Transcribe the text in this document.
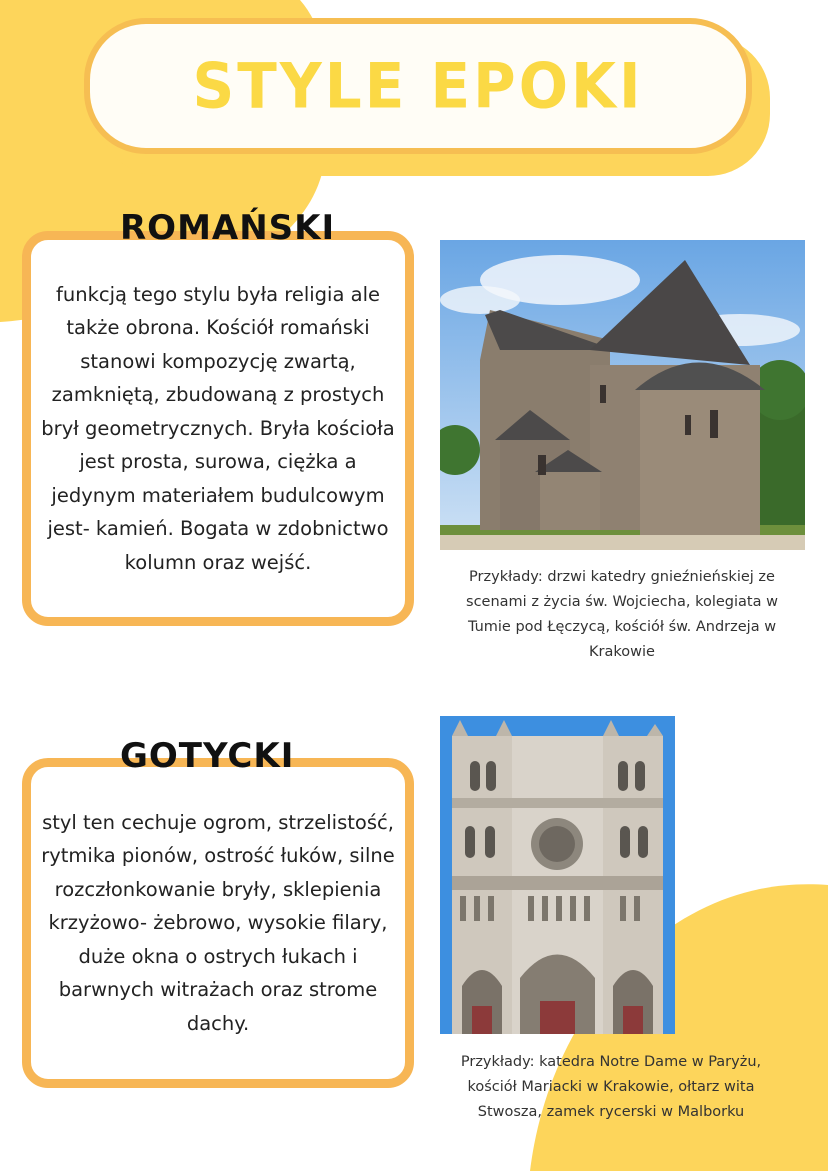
STYLE EPOKI
ROMAŃSKI
funkcją tego stylu była religia ale także obrona. Kościół romański stanowi kompozycję zwartą, zamkniętą, zbudowaną z prostych brył geometrycznych. Bryła kościoła jest prosta, surowa, ciężka a jedynym materiałem budulcowym jest- kamień. Bogata w zdobnictwo kolumn oraz wejść.
Przykłady: drzwi katedry gnieźnieńskiej ze scenami z życia św. Wojciecha, kolegiata w Tumie pod Łęczycą, kościół św. Andrzeja w Krakowie
GOTYCKI
styl ten cechuje ogrom, strzelistość, rytmika pionów, ostrość łuków, silne rozczłonkowanie bryły, sklepienia krzyżowo- żebrowo, wysokie filary, duże okna o ostrych łukach i barwnych witrażach oraz strome dachy.
Przykłady: katedra Notre Dame w Paryżu, kościół Mariacki w Krakowie, ołtarz wita Stwosza, zamek rycerski w Malborku
